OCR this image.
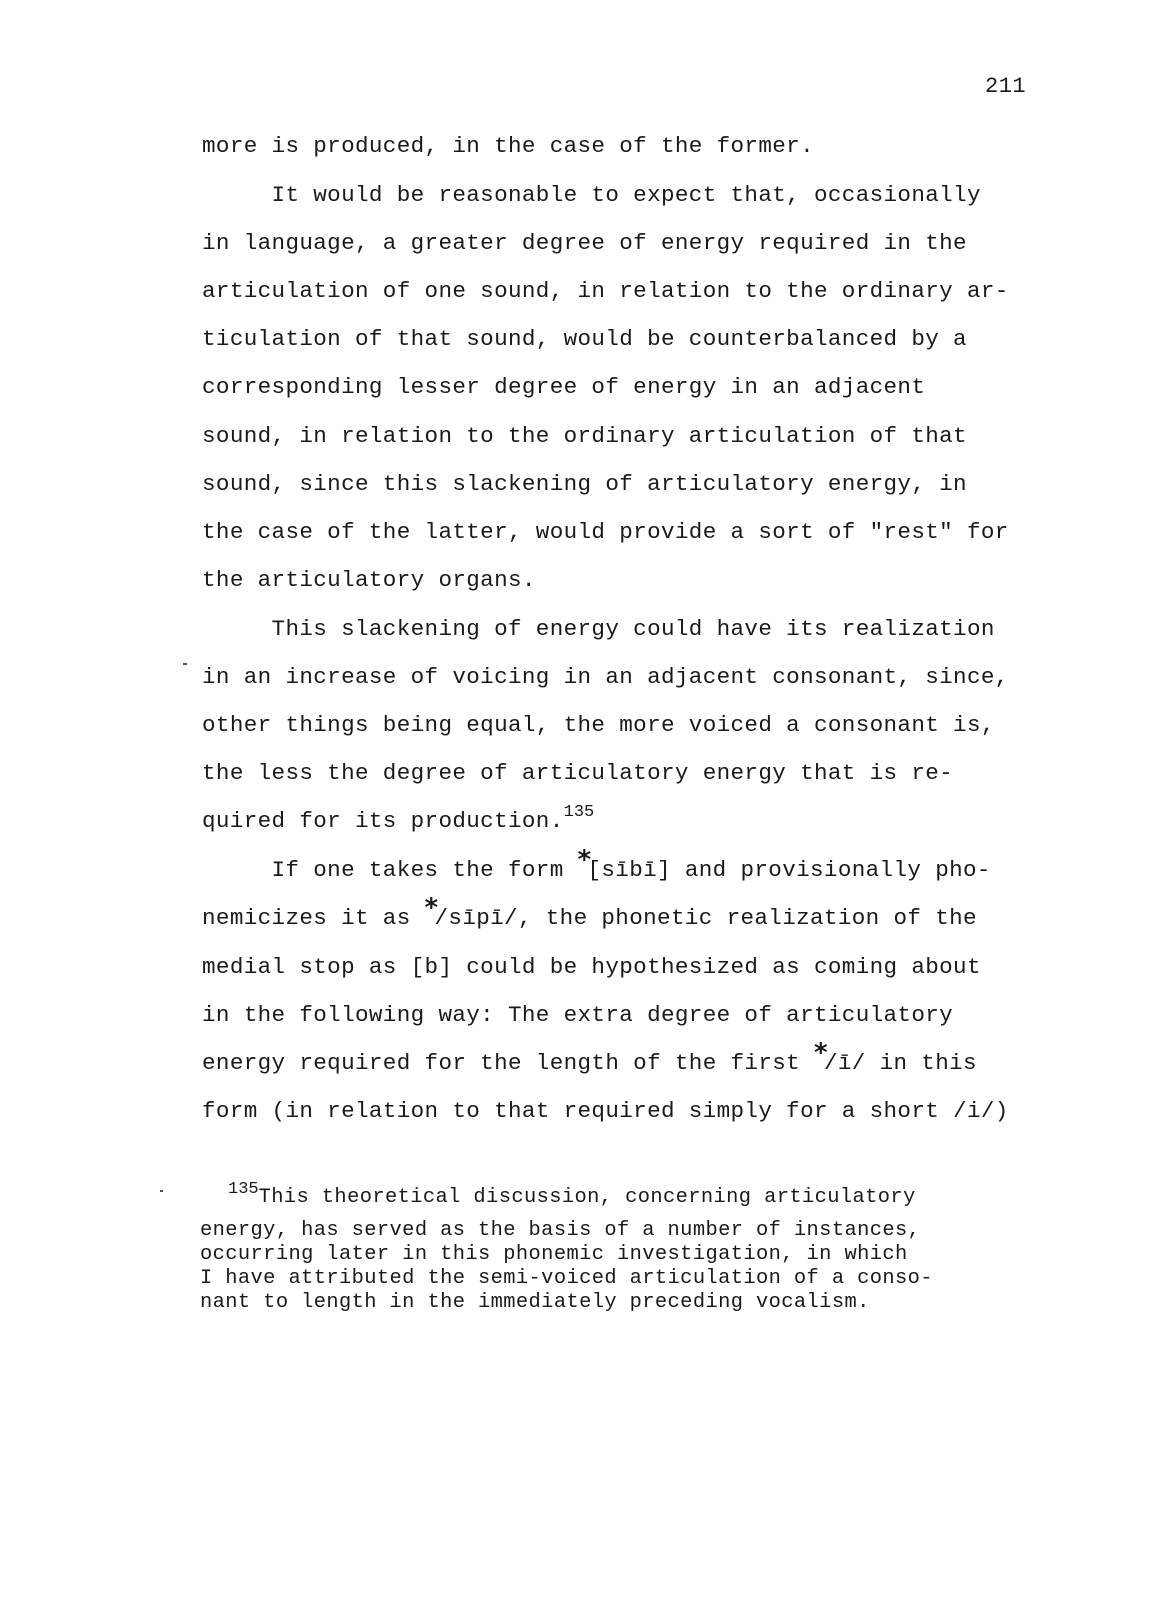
211
more is produced, in the case of the former.
It would be reasonable to expect that, occasionally
in language, a greater degree of energy required in the
articulation of one sound, in relation to the ordinary ar-
ticulation of that sound, would be counterbalanced by a
corresponding lesser degree of energy in an adjacent
sound, in relation to the ordinary articulation of that
sound, since this slackening of articulatory energy, in
the case of the latter, would provide a sort of "rest" for
the articulatory organs.
This slackening of energy could have its realization
in an increase of voicing in an adjacent consonant, since,
other things being equal, the more voiced a consonant is,
the less the degree of articulatory energy that is re-
quired for its production.$^{135}$
If one takes the form *[sībī] and provisionally pho-
nemicizes it as */sīpī/, the phonetic realization of the
medial stop as [b] could be hypothesized as coming about
in the following way: The extra degree of articulatory
energy required for the length of the first */ī/ in this
form (in relation to that required simply for a short /i/)
$^{135}$This theoretical discussion, concerning articulatory
energy, has served as the basis of a number of instances,
occurring later in this phonemic investigation, in which
I have attributed the semi-voiced articulation of a conso-
nant to length in the immediately preceding vocalism.
